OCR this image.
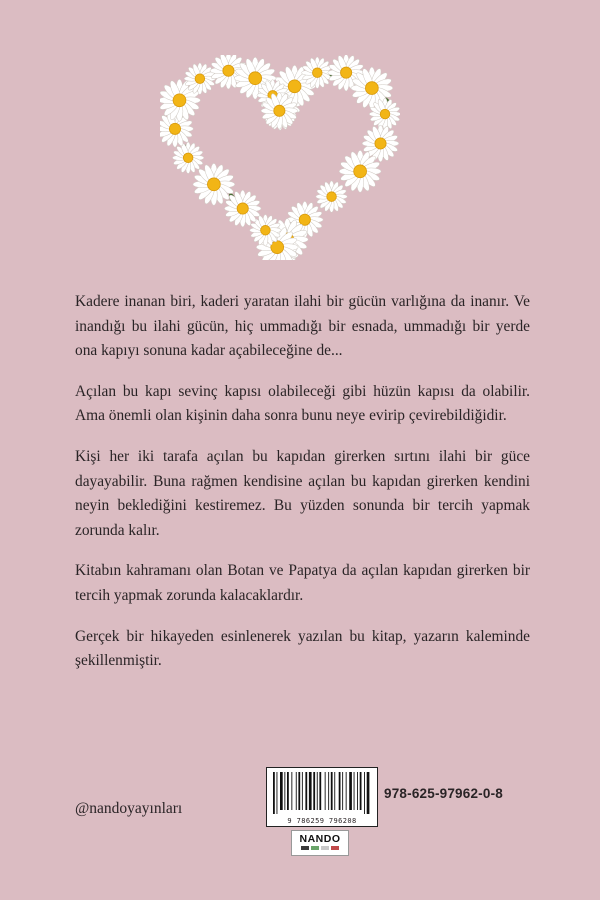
Kadere inanan biri, kaderi yaratan ilahi bir gücün varlığına da inanır. Ve inandığı bu ilahi gücün, hiç ummadığı bir esnada, ummadığı bir yerde ona kapıyı sonuna kadar açabileceğine de...

Açılan bu kapı sevinç kapısı olabileceği gibi hüzün kapısı da olabilir. Ama önemli olan kişinin daha sonra bunu neye evirip çevirebildiğidir.

Kişi her iki tarafa açılan bu kapıdan girerken sırtını ilahi bir güce dayayabilir. Buna rağmen kendisine açılan bu kapıdan girerken kendini neyin beklediğini kestiremez. Bu yüzden sonunda bir tercih yapmak zorunda kalır.

Kitabın kahramanı olan Botan ve Papatya da açılan kapıdan girerken bir tercih yapmak zorunda kalacaklardır.

Gerçek bir hikayeden esinlenerek yazılan bu kitap, yazarın kaleminde şekillenmiştir.

@nandoyayınları
9 786259 796208
978-625-97962-0-8
NANDO
